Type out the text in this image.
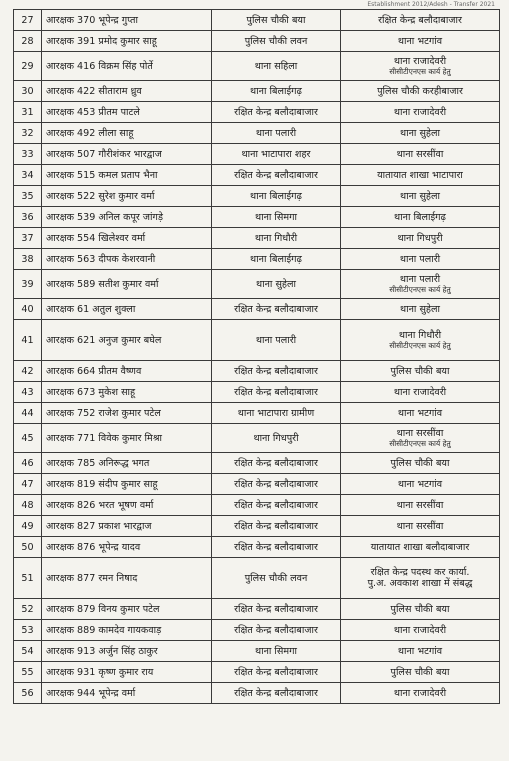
Establishment 2012/Adesh - Transfer 2021
27	आरक्षक 370 भूपेन्द्र गुप्ता	पुलिस चौकी बया	रक्षित केन्द्र बलौदाबाजार

28	आरक्षक 391 प्रमोद कुमार साहू	पुलिस चौकी लवन	थाना भटगांव

29	आरक्षक 416 विक्रम सिंह पोर्ते	थाना सहिला	थाना राजादेवरी
सीसीटीएनएस कार्य हेतु

30	आरक्षक 422 सीताराम ध्रुव	थाना बिलाईगढ़	पुलिस चौकी करहीबाजार

31	आरक्षक 453 प्रीतम पाटले	रक्षित केन्द्र बलौदाबाजार	थाना राजादेवरी

32	आरक्षक 492 लीला साहू	थाना पलारी	थाना सुहेला

33	आरक्षक 507 गौरीशंकर भारद्वाज	थाना भाटापारा शहर	थाना सरसींवा

34	आरक्षक 515 कमल प्रताप भैना	रक्षित केन्द्र बलौदाबाजार	यातायात शाखा भाटापारा

35	आरक्षक 522 सुरेश कुमार वर्मा	थाना बिलाईगढ़	थाना सुहेला

36	आरक्षक 539 अनिल कपूर जांगड़े	थाना सिमगा	थाना बिलाईगढ़

37	आरक्षक 554 खिलेश्वर वर्मा	थाना गिधौरी	थाना गिधपुरी

38	आरक्षक 563 दीपक केशरवानी	थाना बिलाईगढ़	थाना पलारी

39	आरक्षक 589 सतीश कुमार वर्मा	थाना सुहेला	थाना पलारी
सीसीटीएनएस कार्य हेतु

40	आरक्षक 61 अतुल शुक्ला	रक्षित केन्द्र बलौदाबाजार	थाना सुहेला

41	आरक्षक 621 अनुज कुमार बघेल	थाना पलारी	थाना गिधौरी
सीसीटीएनएस कार्य हेतु

42	आरक्षक 664 प्रीतम वैष्णव	रक्षित केन्द्र बलौदाबाजार	पुलिस चौकी बया

43	आरक्षक 673 मुकेश साहू	रक्षित केन्द्र बलौदाबाजार	थाना राजादेवरी

44	आरक्षक 752 राजेश कुमार पटेल	थाना भाटापारा ग्रामीण	थाना भटगांव

45	आरक्षक 771 विवेक कुमार मिश्रा	थाना गिधपुरी	थाना सरसींवा
सीसीटीएनएस कार्य हेतु

46	आरक्षक 785 अनिरूद्ध भगत	रक्षित केन्द्र बलौदाबाजार	पुलिस चौकी बया

47	आरक्षक 819 संदीप कुमार साहू	रक्षित केन्द्र बलौदाबाजार	थाना भटगांव

48	आरक्षक 826 भरत भूषण वर्मा	रक्षित केन्द्र बलौदाबाजार	थाना सरसींवा

49	आरक्षक 827 प्रकाश भारद्वाज	रक्षित केन्द्र बलौदाबाजार	थाना सरसींवा

50	आरक्षक 876 भूपेन्द्र यादव	रक्षित केन्द्र बलौदाबाजार	यातायात शाखा बलौदाबाजार

51	आरक्षक 877 रमन निषाद	पुलिस चौकी लवन	रक्षित केन्द्र पदस्थ कर कार्या.
पु.अ. अवकाश शाखा में संबद्ध

52	आरक्षक 879 विनय कुमार पटेल	रक्षित केन्द्र बलौदाबाजार	पुलिस चौकी बया

53	आरक्षक 889 कामदेव गायकवाड़	रक्षित केन्द्र बलौदाबाजार	थाना राजादेवरी

54	आरक्षक 913 अर्जुन सिंह ठाकुर	थाना सिमगा	थाना भटगांव

55	आरक्षक 931 कृष्ण कुमार राय	रक्षित केन्द्र बलौदाबाजार	पुलिस चौकी बया

56	आरक्षक 944 भूपेन्द्र वर्मा	रक्षित केन्द्र बलौदाबाजार	थाना राजादेवरी
